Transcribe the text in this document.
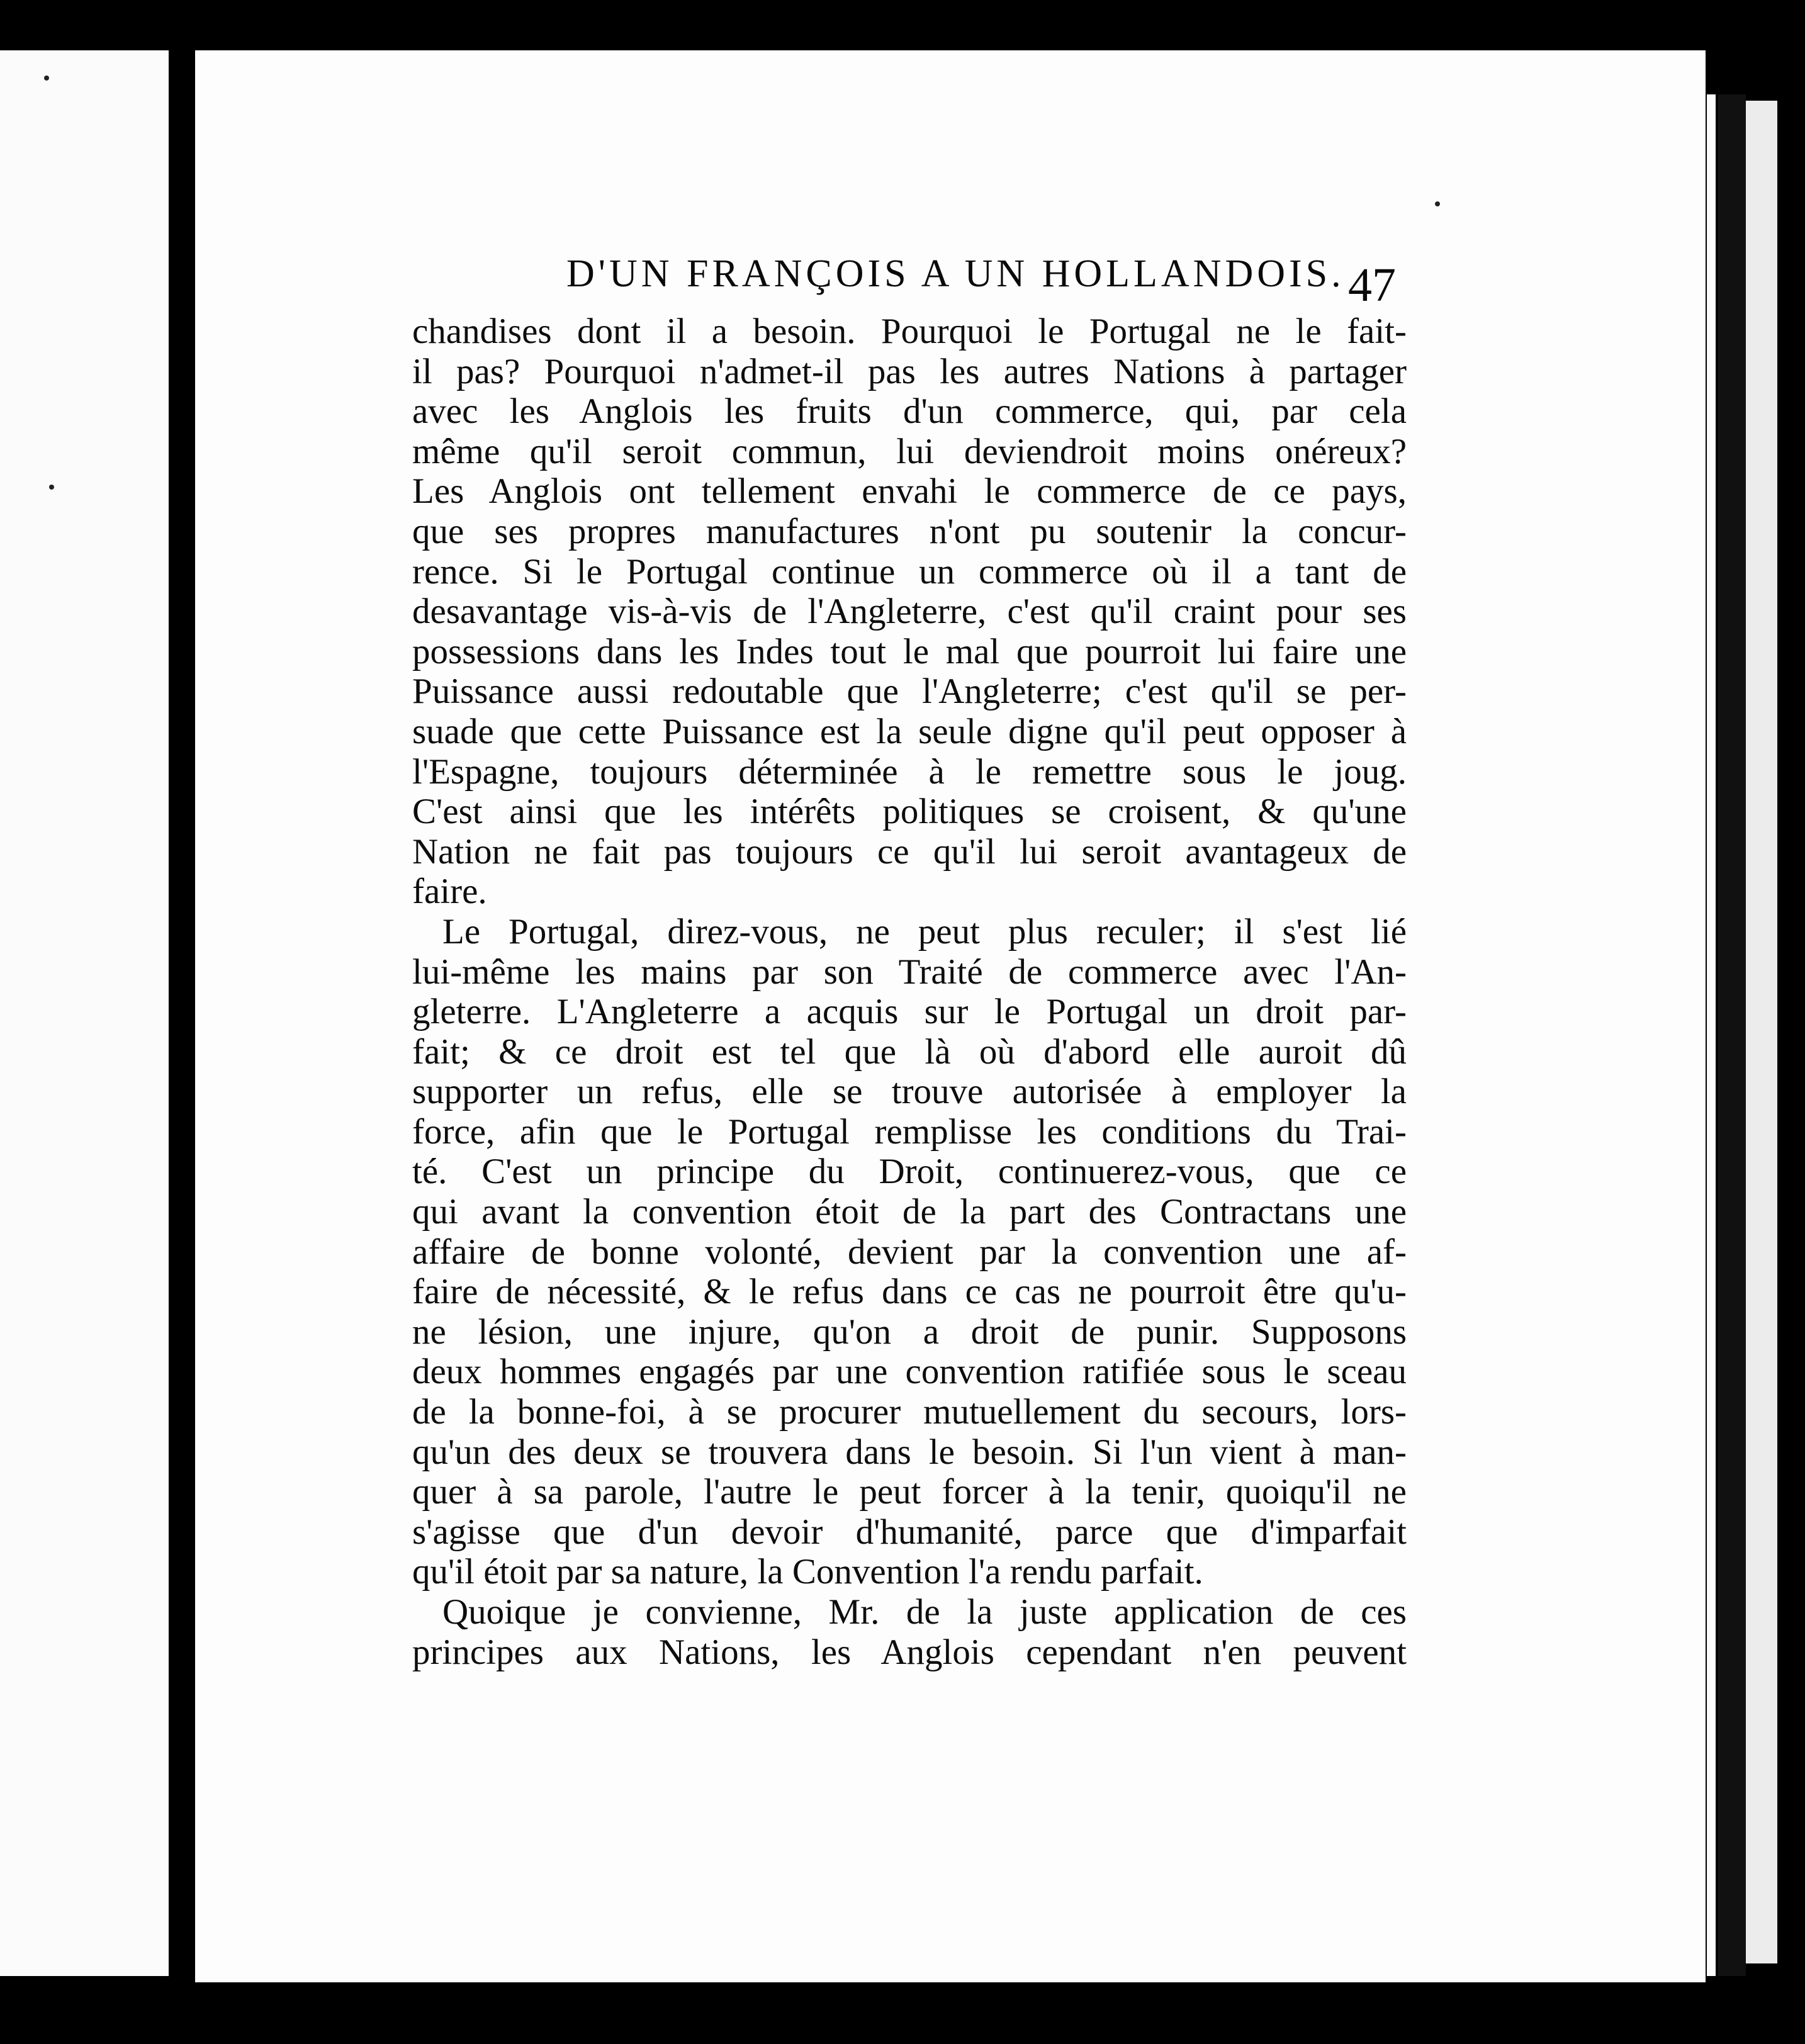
D'UN FRANÇOIS A UN HOLLANDOIS. 47
chandises dont il a besoin. Pourquoi le Portugal ne le fait-
il pas? Pourquoi n'admet-il pas les autres Nations à partager
avec les Anglois les fruits d'un commerce, qui, par cela
même qu'il seroit commun, lui deviendroit moins onéreux?
Les Anglois ont tellement envahi le commerce de ce pays,
que ses propres manufactures n'ont pu soutenir la concur-
rence. Si le Portugal continue un commerce où il a tant de
desavantage vis-à-vis de l'Angleterre, c'est qu'il craint pour ses
possessions dans les Indes tout le mal que pourroit lui faire une
Puissance aussi redoutable que l'Angleterre; c'est qu'il se per-
suade que cette Puissance est la seule digne qu'il peut opposer à
l'Espagne, toujours déterminée à le remettre sous le joug.
C'est ainsi que les intérêts politiques se croisent, & qu'une
Nation ne fait pas toujours ce qu'il lui seroit avantageux de
faire.
Le Portugal, direz-vous, ne peut plus reculer; il s'est lié
lui-même les mains par son Traité de commerce avec l'An-
gleterre. L'Angleterre a acquis sur le Portugal un droit par-
fait; & ce droit est tel que là où d'abord elle auroit dû
supporter un refus, elle se trouve autorisée à employer la
force, afin que le Portugal remplisse les conditions du Trai-
té. C'est un principe du Droit, continuerez-vous, que ce
qui avant la convention étoit de la part des Contractans une
affaire de bonne volonté, devient par la convention une af-
faire de nécessité, & le refus dans ce cas ne pourroit être qu'u-
ne lésion, une injure, qu'on a droit de punir. Supposons
deux hommes engagés par une convention ratifiée sous le sceau
de la bonne-foi, à se procurer mutuellement du secours, lors-
qu'un des deux se trouvera dans le besoin. Si l'un vient à man-
quer à sa parole, l'autre le peut forcer à la tenir, quoiqu'il ne
s'agisse que d'un devoir d'humanité, parce que d'imparfait
qu'il étoit par sa nature, la Convention l'a rendu parfait.
Quoique je convienne, Mr. de la juste application de ces
principes aux Nations, les Anglois cependant n'en peuvent
